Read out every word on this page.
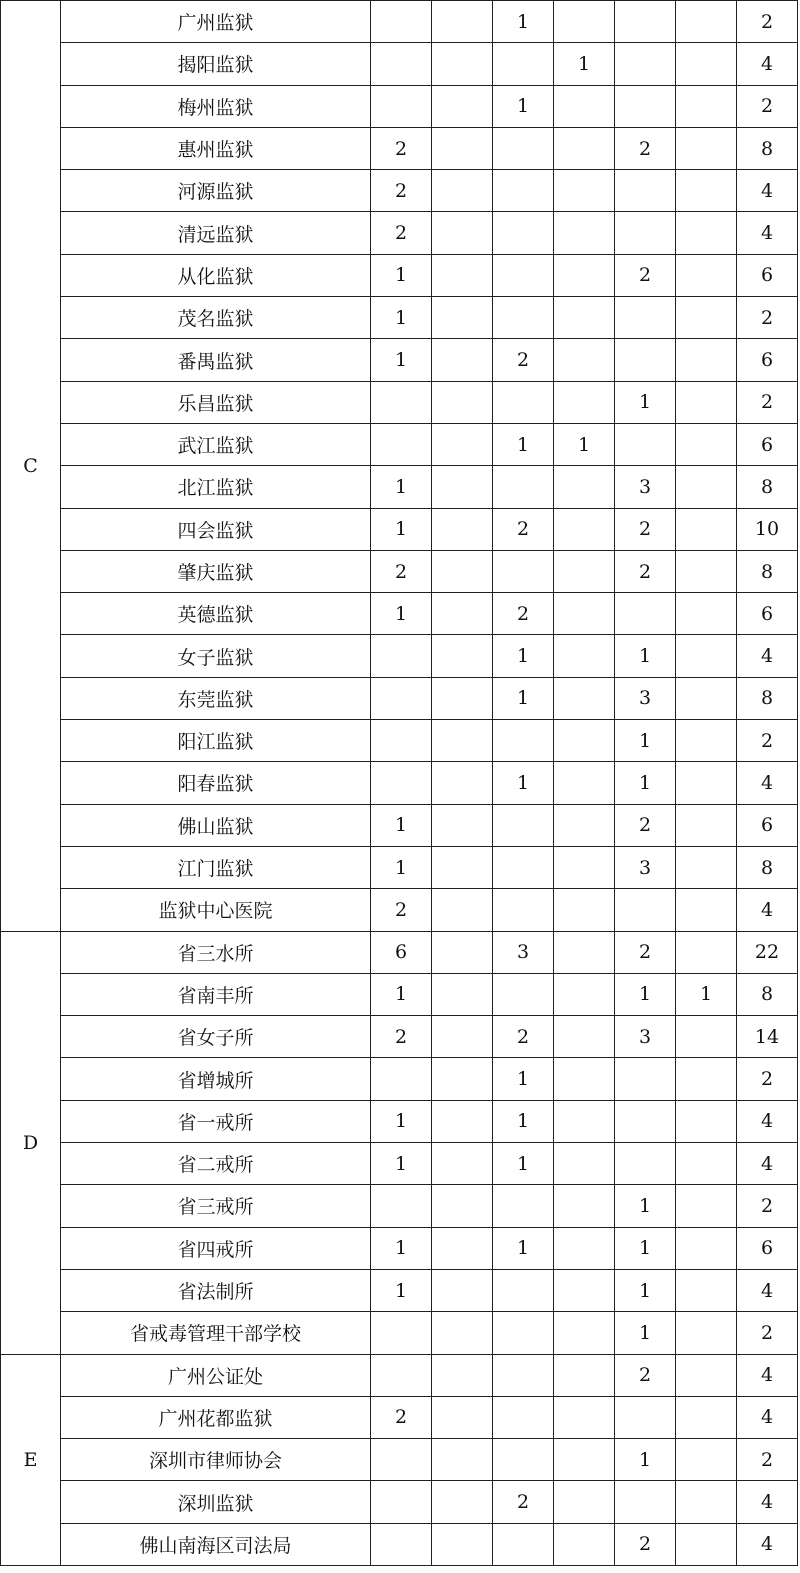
C	广州监狱			1				2
	揭阳监狱				1			4
	梅州监狱			1				2
	惠州监狱	2				2		8
	河源监狱	2						4
	清远监狱	2						4
	从化监狱	1				2		6
	茂名监狱	1						2
	番禺监狱	1		2				6
	乐昌监狱					1		2
	武江监狱			1	1			6
	北江监狱	1				3		8
	四会监狱	1		2		2		10
	肇庆监狱	2				2		8
	英德监狱	1		2				6
	女子监狱			1		1		4
	东莞监狱			1		3		8
	阳江监狱					1		2
	阳春监狱			1		1		4
	佛山监狱	1				2		6
	江门监狱	1				3		8
	监狱中心医院	2						4
D	省三水所	6		3		2		22
	省南丰所	1				1	1	8
	省女子所	2		2		3		14
	省增城所			1				2
	省一戒所	1		1				4
	省二戒所	1		1				4
	省三戒所					1		2
	省四戒所	1		1		1		6
	省法制所	1				1		4
	省戒毒管理干部学校					1		2
E	广州公证处					2		4
	广州花都监狱	2						4
	深圳市律师协会					1		2
	深圳监狱			2				4
	佛山南海区司法局					2		4
